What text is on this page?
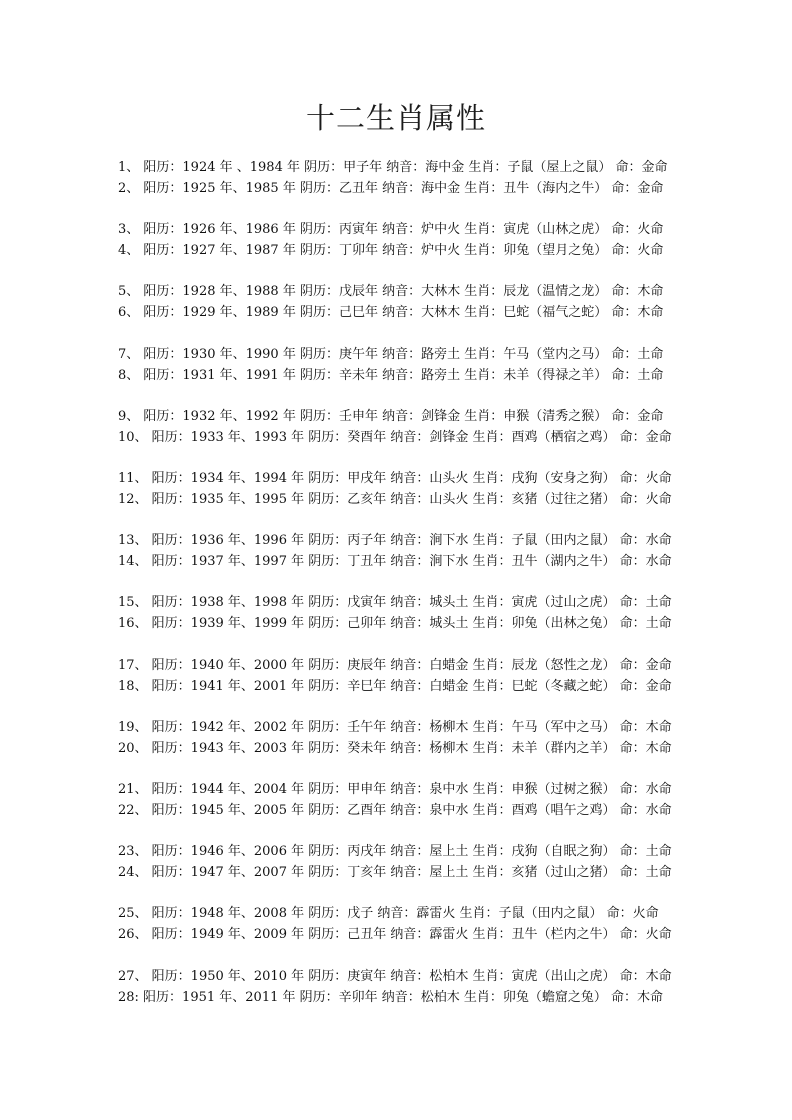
十二生肖属性
1、 阳历：1924 年 、1984 年 阴历：甲子年 纳音：海中金 生肖：子鼠（屋上之鼠） 命：金命
2、 阳历：1925 年、1985 年 阴历：乙丑年 纳音：海中金 生肖：丑牛（海内之牛） 命：金命
3、 阳历：1926 年、1986 年 阴历：丙寅年 纳音：炉中火 生肖：寅虎（山林之虎） 命：火命
4、 阳历：1927 年、1987 年 阴历：丁卯年 纳音：炉中火 生肖：卯兔（望月之兔） 命：火命
5、 阳历：1928 年、1988 年 阴历：戊辰年 纳音：大林木 生肖：辰龙（温情之龙） 命：木命
6、 阳历：1929 年、1989 年 阴历：己巳年 纳音：大林木 生肖：巳蛇（福气之蛇） 命：木命
7、 阳历：1930 年、1990 年 阴历：庚午年 纳音：路旁土 生肖：午马（堂内之马） 命：土命
8、 阳历：1931 年、1991 年 阴历：辛未年 纳音：路旁土 生肖：未羊（得禄之羊） 命：土命
9、 阳历：1932 年、1992 年 阴历：壬申年 纳音：剑锋金 生肖：申猴（清秀之猴） 命：金命
10、 阳历：1933 年、1993 年 阴历：癸酉年 纳音：剑锋金 生肖：酉鸡（栖宿之鸡） 命：金命
11、 阳历：1934 年、1994 年 阴历：甲戌年 纳音：山头火 生肖：戌狗（安身之狗） 命：火命
12、 阳历：1935 年、1995 年 阴历：乙亥年 纳音：山头火 生肖：亥猪（过往之猪） 命：火命
13、 阳历：1936 年、1996 年 阴历：丙子年 纳音：涧下水 生肖：子鼠（田内之鼠） 命：水命
14、 阳历：1937 年、1997 年 阴历：丁丑年 纳音：涧下水 生肖：丑牛（湖内之牛） 命：水命
15、 阳历：1938 年、1998 年 阴历：戊寅年 纳音：城头土 生肖：寅虎（过山之虎） 命：土命
16、 阳历：1939 年、1999 年 阴历：己卯年 纳音：城头土 生肖：卯兔（出林之兔） 命：土命
17、 阳历：1940 年、2000 年 阴历：庚辰年 纳音：白蜡金 生肖：辰龙（怒性之龙） 命：金命
18、 阳历：1941 年、2001 年 阴历：辛巳年 纳音：白蜡金 生肖：巳蛇（冬藏之蛇） 命：金命
19、 阳历：1942 年、2002 年 阴历：壬午年 纳音：杨柳木 生肖：午马（军中之马） 命：木命
20、 阳历：1943 年、2003 年 阴历：癸未年 纳音：杨柳木 生肖：未羊（群内之羊） 命：木命
21、 阳历：1944 年、2004 年 阴历：甲申年 纳音：泉中水 生肖：申猴（过树之猴） 命：水命
22、 阳历：1945 年、2005 年 阴历：乙酉年 纳音：泉中水 生肖：酉鸡（唱午之鸡） 命：水命
23、 阳历：1946 年、2006 年 阴历：丙戌年 纳音：屋上土 生肖：戌狗（自眠之狗） 命：土命
24、 阳历：1947 年、2007 年 阴历：丁亥年 纳音：屋上土 生肖：亥猪（过山之猪） 命：土命
25、 阳历：1948 年、2008 年 阴历：戊子 纳音：霹雷火 生肖：子鼠（田内之鼠） 命：火命
26、 阳历：1949 年、2009 年 阴历：己丑年 纳音：霹雷火 生肖：丑牛（栏内之牛） 命：火命
27、 阳历：1950 年、2010 年 阴历：庚寅年 纳音：松柏木 生肖：寅虎（出山之虎） 命：木命
28: 阳历：1951 年、2011 年 阴历：辛卯年 纳音：松柏木 生肖：卯兔（蟾窟之兔） 命：木命
